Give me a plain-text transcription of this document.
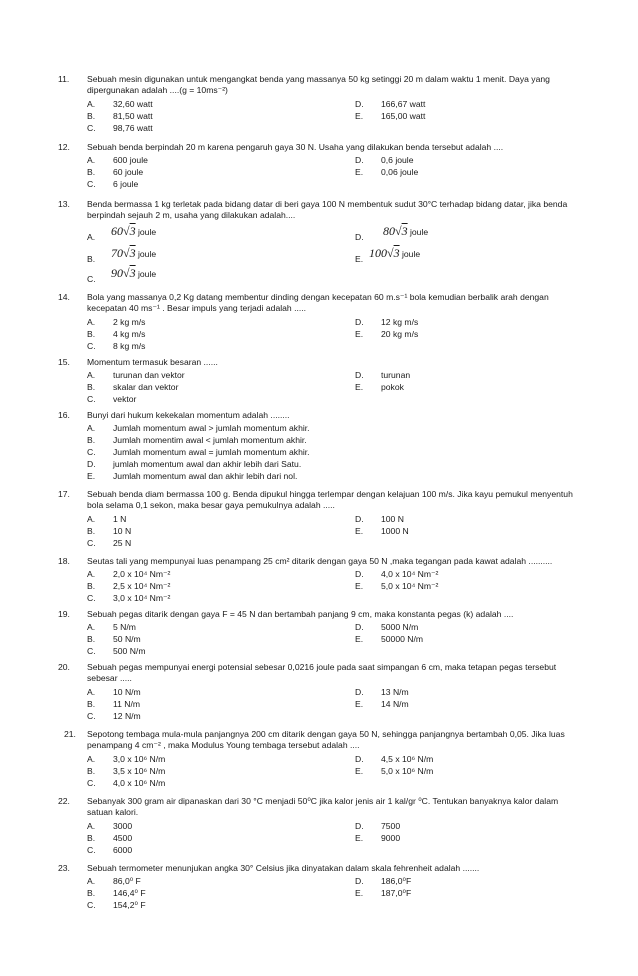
11.	Sebuah mesin digunakan untuk mengangkat benda yang massanya 50 kg setinggi 20 m dalam waktu 1 menit. Daya yang
dipergunakan adalah ....(g = 10ms⁻²)
A. 32,60 watt	D. 166,67 watt
B. 81,50 watt	E. 165,00 watt
C. 98,76 watt
12.	Sebuah benda berpindah 20 m karena pengaruh gaya 30 N. Usaha yang dilakukan benda tersebut adalah ....
A. 600 joule	D. 0,6 joule
B. 60 joule	E. 0,06 joule
C. 6 joule
13.	Benda bermassa 1 kg terletak pada bidang datar di beri gaya 100 N membentuk sudut 30°C terhadap bidang datar, jika benda
berpindah sejauh 2 m, usaha yang dilakukan adalah....
A. 60√3 joule	D. 80√3 joule
B. 70√3 joule	E. 100√3 joule
C. 90√3 joule
14.	Bola yang massanya 0,2 Kg datang membentur dinding dengan kecepatan 60 m.s⁻¹ bola kemudian berbalik arah dengan
kecepatan 40 ms⁻¹ . Besar impuls yang terjadi adalah .....
A. 2 kg m/s	D. 12 kg m/s
B. 4 kg m/s	E. 20 kg m/s
C. 8 kg m/s
15.	Momentum termasuk besaran ......
A. turunan dan vektor	D. turunan
B. skalar dan vektor	E. pokok
C. vektor
16.	Bunyi dari hukum kekekalan momentum adalah ........
A. Jumlah momentum awal > jumlah momentum akhir.
B. Jumlah momentim awal < jumlah momentum akhir.
C. Jumlah momentum awal = jumlah momentum akhir.
D. jumlah momentum awal dan akhir lebih dari Satu.
E. Jumlah momentum awal dan akhir lebih dari nol.
17.	Sebuah benda diam bermassa 100 g. Benda dipukul hingga terlempar dengan kelajuan 100 m/s. Jika kayu pemukul menyentuh
bola selama 0,1 sekon, maka besar gaya pemukulnya adalah .....
A. 1 N	D. 100 N
B. 10 N	E. 1000 N
C. 25 N
18.	Seutas tali yang mempunyai luas penampang 25 cm² ditarik dengan gaya 50 N ,maka tegangan pada kawat adalah ..........
A. 2,0 x 10⁴ Nm⁻²	D. 4,0 x 10⁴ Nm⁻²
B. 2,5 x 10⁴ Nm⁻²	E. 5,0 x 10⁴ Nm⁻²
C. 3,0 x 10⁴ Nm⁻²
19.	Sebuah pegas ditarik dengan gaya F = 45 N dan bertambah panjang 9 cm, maka konstanta pegas (k) adalah ....
A. 5 N/m	D. 5000 N/m
B. 50 N/m	E. 50000 N/m
C. 500 N/m
20.	Sebuah pegas mempunyai energi potensial sebesar 0,0216 joule pada saat simpangan 6 cm, maka tetapan pegas tersebut
sebesar .....
A. 10 N/m	D. 13 N/m
B. 11 N/m	E. 14 N/m
C. 12 N/m
21.	Sepotong tembaga mula-mula panjangnya 200 cm ditarik dengan gaya 50 N, sehingga panjangnya bertambah 0,05. Jika luas
penampang 4 cm⁻² , maka Modulus Young tembaga tersebut adalah ....
A. 3,0 x 10⁶ N/m	D. 4,5 x 10⁶ N/m
B. 3,5 x 10⁶ N/m	E. 5,0 x 10⁶ N/m
C. 4,0 x 10⁶ N/m
22.	Sebanyak 300 gram air dipanaskan dari 30 °C menjadi 50⁰C jika kalor jenis air 1 kal/gr ⁰C. Tentukan banyaknya kalor dalam
satuan kalori.
A. 3000	D. 7500
B. 4500	E. 9000
C. 6000
23.	Sebuah termometer menunjukan angka 30° Celsius jika dinyatakan dalam skala fehrenheit adalah .......
A. 86,0⁰ F	D. 186,0⁰F
B. 146,4⁰ F	E. 187,0⁰F
C. 154,2⁰ F
